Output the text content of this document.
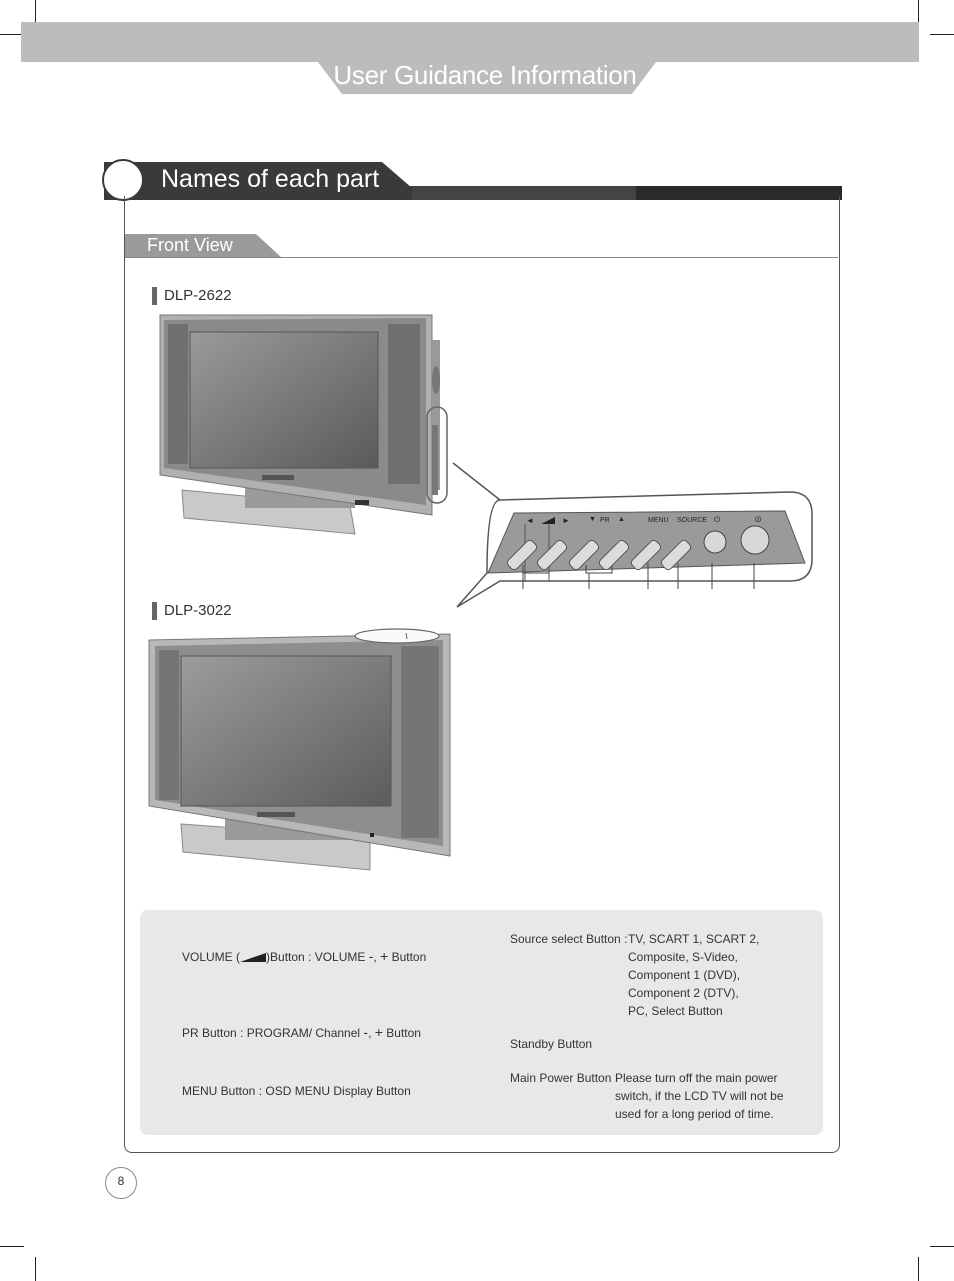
User Guidance Information
Names of each part
Front View
DLP-2622
DLP-3022
◄	►	▼ PR ▲	MENU SOURCE ⏻	⏼

VOLUME ( )Button : VOLUME -, + Button

PR Button : PROGRAM/ Channel -, + Button

MENU Button : OSD MENU Display Button
Source select Button :
TV, SCART 1, SCART 2,
Composite, S-Video,
Component 1 (DVD),
Component 2 (DTV),
PC, Select Button
Standby Button
Main Power Button :
Please turn off the main power
switch, if the LCD TV will not be
used for a long period of time.
8
